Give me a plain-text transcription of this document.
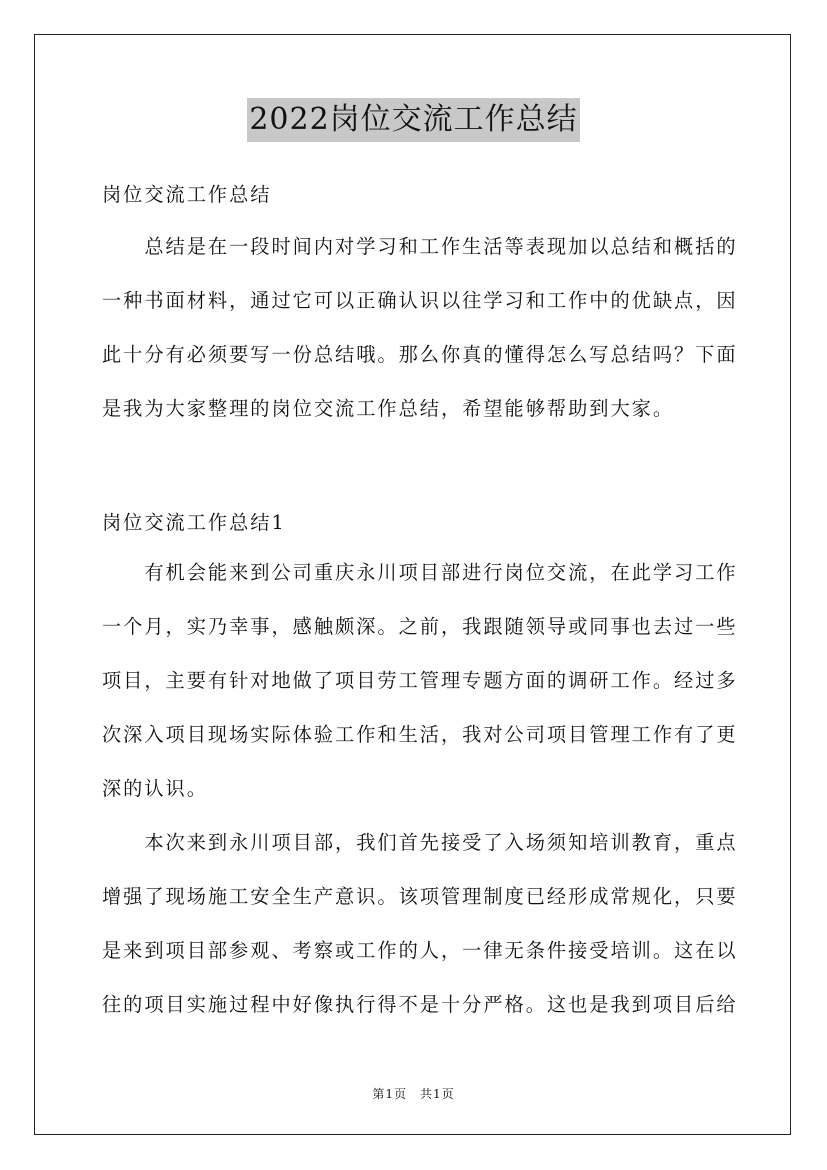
2022岗位交流工作总结
岗位交流工作总结
　　总结是在一段时间内对学习和工作生活等表现加以总结和概括的
一种书面材料，通过它可以正确认识以往学习和工作中的优缺点，因
此十分有必须要写一份总结哦。那么你真的懂得怎么写总结吗？下面
是我为大家整理的岗位交流工作总结，希望能够帮助到大家。
岗位交流工作总结1
　　有机会能来到公司重庆永川项目部进行岗位交流，在此学习工作
一个月，实乃幸事，感触颇深。之前，我跟随领导或同事也去过一些
项目，主要有针对地做了项目劳工管理专题方面的调研工作。经过多
次深入项目现场实际体验工作和生活，我对公司项目管理工作有了更
深的认识。
　　本次来到永川项目部，我们首先接受了入场须知培训教育，重点
增强了现场施工安全生产意识。该项管理制度已经形成常规化，只要
是来到项目部参观、考察或工作的人，一律无条件接受培训。这在以
往的项目实施过程中好像执行得不是十分严格。这也是我到项目后给
第1页　共1页
